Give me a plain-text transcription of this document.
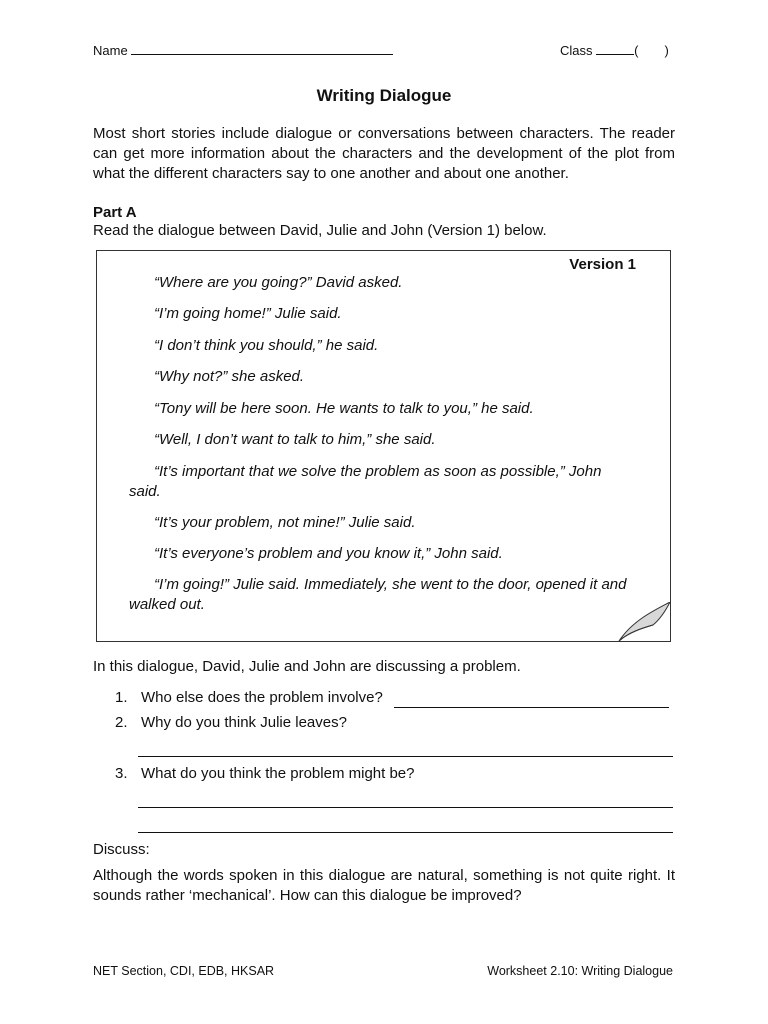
Name	Class	( )
Writing Dialogue
Most short stories include dialogue or conversations between characters. The reader can get more information about the characters and the development of the plot from what the different characters say to one another and about one another.
Part A
Read the dialogue between David, Julie and John (Version 1) below.
Version 1
“Where are you going?” David asked.
“I’m going home!” Julie said.
“I don’t think you should,” he said.
“Why not?” she asked.
“Tony will be here soon. He wants to talk to you,” he said.
“Well, I don’t want to talk to him,” she said.
“It’s important that we solve the problem as soon as possible,” John said.
“It’s your problem, not mine!” Julie said.
“It’s everyone’s problem and you know it,” John said.
“I’m going!” Julie said. Immediately, she went to the door, opened it and walked out.
In this dialogue, David, Julie and John are discussing a problem.
1. Who else does the problem involve?
2. Why do you think Julie leaves?
3. What do you think the problem might be?
Discuss:
Although the words spoken in this dialogue are natural, something is not quite right. It sounds rather ‘mechanical’. How can this dialogue be improved?
NET Section, CDI, EDB, HKSAR	Worksheet 2.10: Writing Dialogue
